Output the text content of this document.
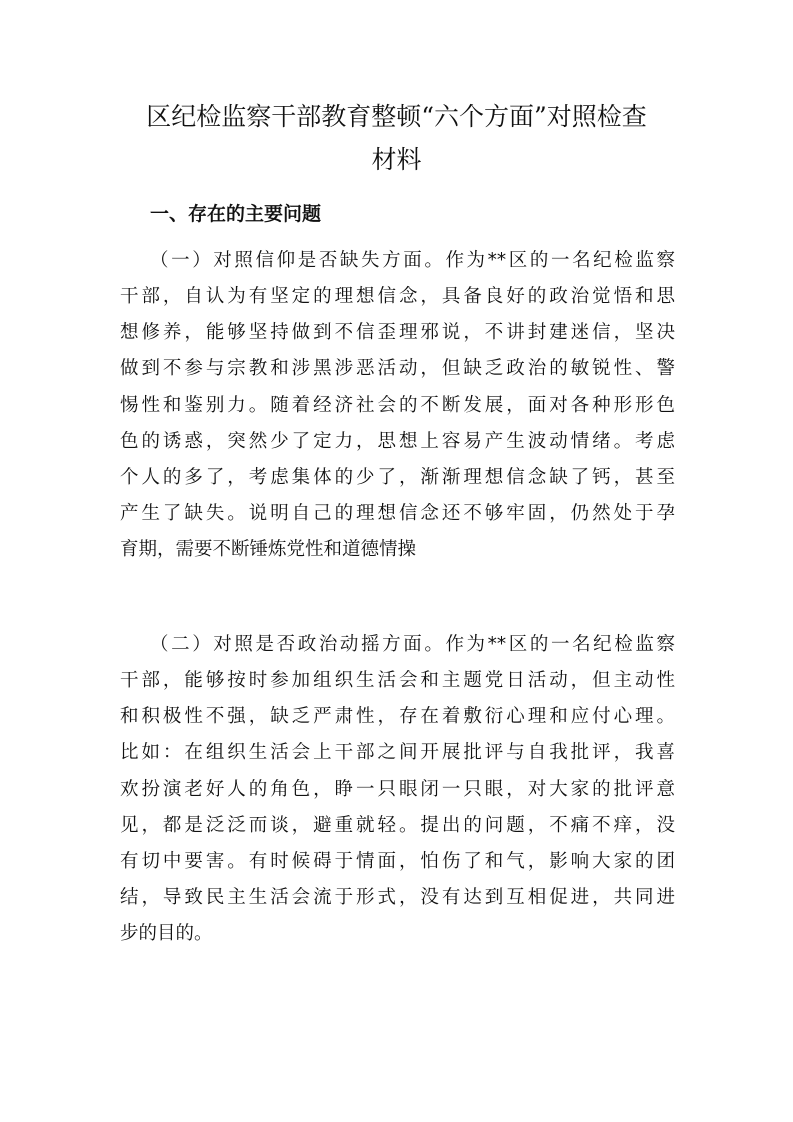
区纪检监察干部教育整顿“六个方面”对照检查
材料
一、存在的主要问题
（一）对照信仰是否缺失方面。作为**区的一名纪检监察
干部，自认为有坚定的理想信念，具备良好的政治觉悟和思
想修养，能够坚持做到不信歪理邪说，不讲封建迷信，坚决
做到不参与宗教和涉黑涉恶活动，但缺乏政治的敏锐性、警
惕性和鉴别力。随着经济社会的不断发展，面对各种形形色
色的诱惑，突然少了定力，思想上容易产生波动情绪。考虑
个人的多了，考虑集体的少了，渐渐理想信念缺了钙，甚至
产生了缺失。说明自己的理想信念还不够牢固，仍然处于孕
育期，需要不断锤炼党性和道德情操
（二）对照是否政治动摇方面。作为**区的一名纪检监察
干部，能够按时参加组织生活会和主题党日活动，但主动性
和积极性不强，缺乏严肃性，存在着敷衍心理和应付心理。
比如：在组织生活会上干部之间开展批评与自我批评，我喜
欢扮演老好人的角色，睁一只眼闭一只眼，对大家的批评意
见，都是泛泛而谈，避重就轻。提出的问题，不痛不痒，没
有切中要害。有时候碍于情面，怕伤了和气，影响大家的团
结，导致民主生活会流于形式，没有达到互相促进，共同进
步的目的。
